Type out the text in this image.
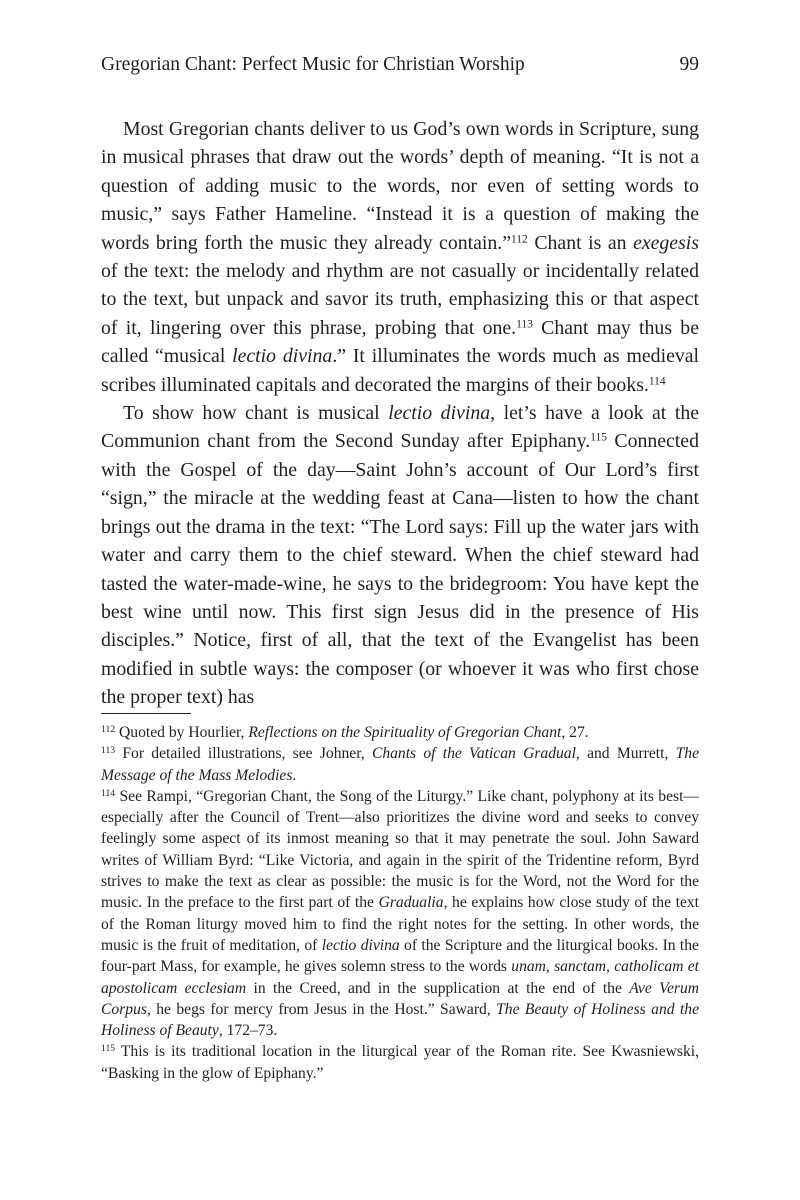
Gregorian Chant: Perfect Music for Christian Worship	99

Most Gregorian chants deliver to us God’s own words in Scripture, sung in musical phrases that draw out the words’ depth of meaning. “It is not a question of adding music to the words, nor even of setting words to music,” says Father Hameline. “Instead it is a question of making the words bring forth the music they already contain.”$^{112}$ Chant is an exegesis of the text: the melody and rhythm are not casually or incidentally related to the text, but unpack and savor its truth, emphasizing this or that aspect of it, lingering over this phrase, probing that one.$^{113}$ Chant may thus be called “musical lectio divina.” It illuminates the words much as medieval scribes illuminated capitals and decorated the margins of their books.$^{114}$

To show how chant is musical lectio divina, let’s have a look at the Communion chant from the Second Sunday after Epiphany.$^{115}$ Connected with the Gospel of the day—Saint John’s account of Our Lord’s first “sign,” the miracle at the wedding feast at Cana—listen to how the chant brings out the drama in the text: “The Lord says: Fill up the water jars with water and carry them to the chief steward. When the chief steward had tasted the water-made-wine, he says to the bridegroom: You have kept the best wine until now. This first sign Jesus did in the presence of His disciples.” Notice, first of all, that the text of the Evangelist has been modified in subtle ways: the composer (or whoever it was who first chose the proper text) has

$^{112}$ Quoted by Hourlier, Reflections on the Spirituality of Gregorian Chant, 27.

$^{113}$ For detailed illustrations, see Johner, Chants of the Vatican Gradual, and Murrett, The Message of the Mass Melodies.

$^{114}$ See Rampi, “Gregorian Chant, the Song of the Liturgy.” Like chant, polyphony at its best—especially after the Council of Trent—also prioritizes the divine word and seeks to convey feelingly some aspect of its inmost meaning so that it may penetrate the soul. John Saward writes of William Byrd: “Like Victoria, and again in the spirit of the Tridentine reform, Byrd strives to make the text as clear as possible: the music is for the Word, not the Word for the music. In the preface to the first part of the Gradualia, he explains how close study of the text of the Roman liturgy moved him to find the right notes for the setting. In other words, the music is the fruit of meditation, of lectio divina of the Scripture and the liturgical books. In the four-part Mass, for example, he gives solemn stress to the words unam, sanctam, catholicam et apostolicam ecclesiam in the Creed, and in the supplication at the end of the Ave Verum Corpus, he begs for mercy from Jesus in the Host.” Saward, The Beauty of Holiness and the Holiness of Beauty, 172–73.

$^{115}$ This is its traditional location in the liturgical year of the Roman rite. See Kwasniewski, “Basking in the glow of Epiphany.”
